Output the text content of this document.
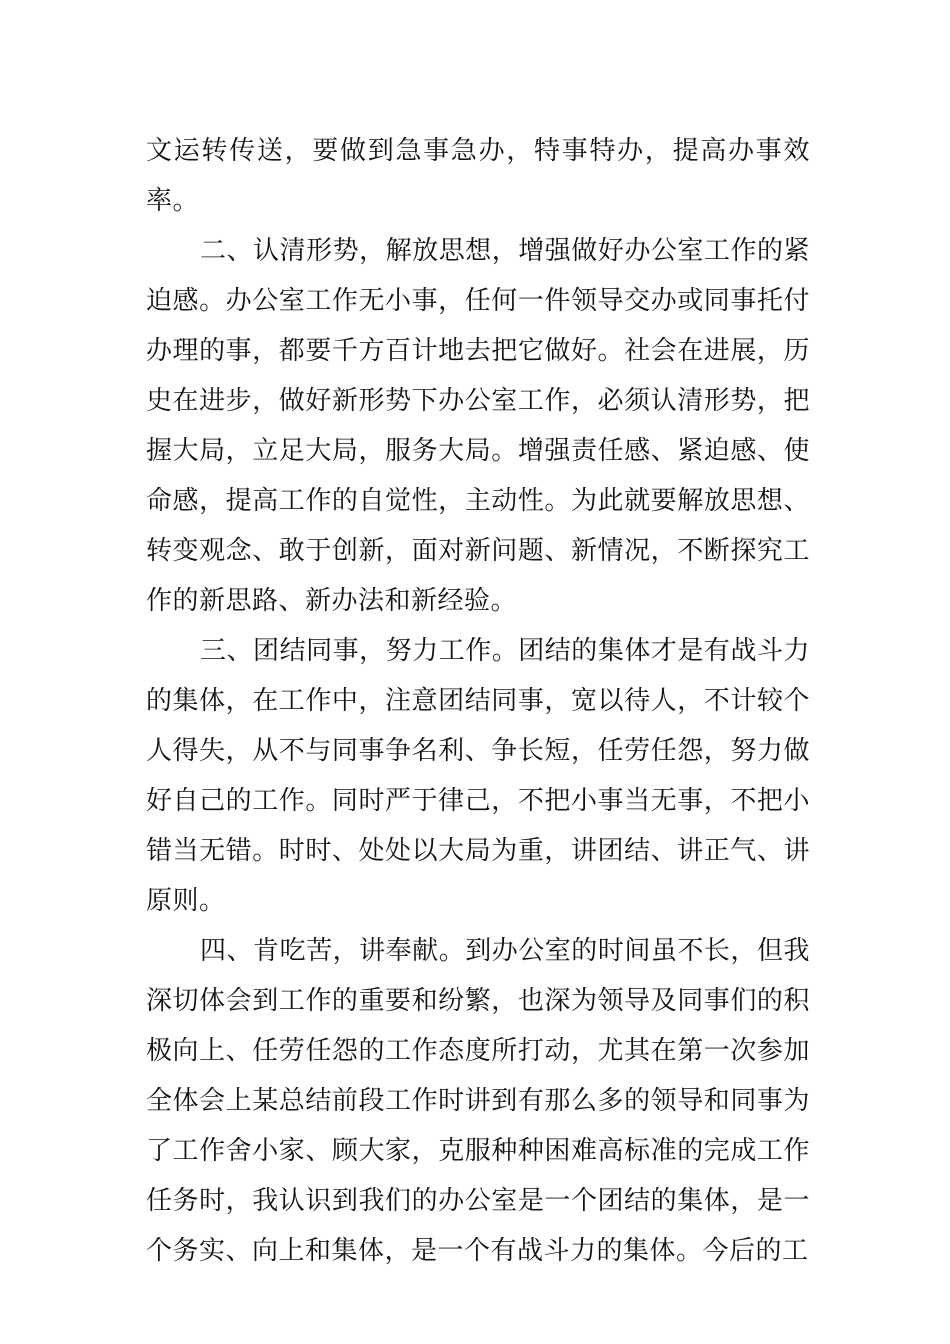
文运转传送，要做到急事急办，特事特办，提高办事效率。

二、认清形势，解放思想，增强做好办公室工作的紧迫感。办公室工作无小事，任何一件领导交办或同事托付办理的事，都要千方百计地去把它做好。社会在进展，历史在进步，做好新形势下办公室工作，必须认清形势，把握大局，立足大局，服务大局。增强责任感、紧迫感、使命感，提高工作的自觉性，主动性。为此就要解放思想、转变观念、敢于创新，面对新问题、新情况，不断探究工作的新思路、新办法和新经验。

三、团结同事，努力工作。团结的集体才是有战斗力的集体，在工作中，注意团结同事，宽以待人，不计较个人得失，从不与同事争名利、争长短，任劳任怨，努力做好自己的工作。同时严于律己，不把小事当无事，不把小错当无错。时时、处处以大局为重，讲团结、讲正气、讲原则。

四、肯吃苦，讲奉献。到办公室的时间虽不长，但我深切体会到工作的重要和纷繁，也深为领导及同事们的积极向上、任劳任怨的工作态度所打动，尤其在第一次参加全体会上某总结前段工作时讲到有那么多的领导和同事为了工作舍小家、顾大家，克服种种困难高标准的完成工作任务时，我认识到我们的办公室是一个团结的集体，是一个务实、向上和集体，是一个有战斗力的集体。今后的工
